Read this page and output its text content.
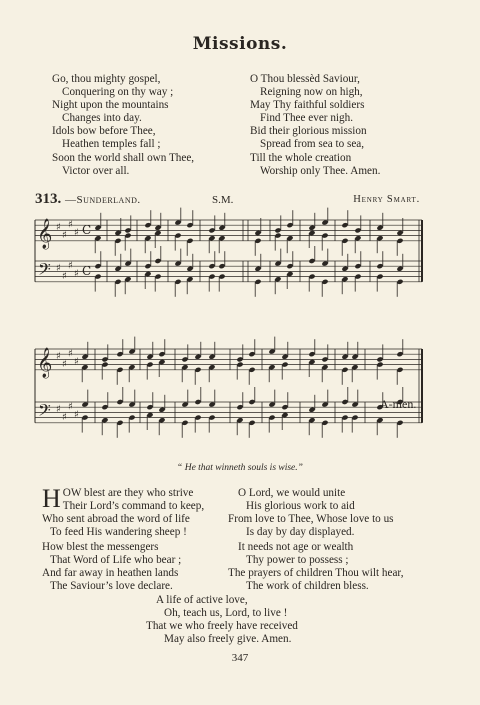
Missions.
Go, thou mighty gospel,
Conquering on thy way ;
Night upon the mountains
Changes into day.
Idols bow before Thee,
Heathen temples fall ;
Soon the world shall own Thee,
Victor over all.
O Thou blessèd Saviour,
Reigning now on high,
May Thy faithful soldiers
Find Thee ever nigh.
Bid their glorious mission
Spread from sea to sea,
Till the whole creation
Worship only Thee. Amen.
313. —Sunderland.	S.M.	Henry Smart.
𝄞
𝄞
𝄢
𝄢
♯
♯
♯
♯
♯
♯
♯
♯
♯
♯
♯
♯
♯
♯
♯
♯
C
C
A-men.
“ He that winneth souls is wise.”
HOW blest are they who strive
Their Lord’s command to keep,
Who sent abroad the word of life
To feed His wandering sheep !
How blest the messengers
That Word of Life who bear ;
And far away in heathen lands
The Saviour’s love declare.
O Lord, we would unite
His glorious work to aid
From love to Thee, Whose love to us
Is day by day displayed.
It needs not age or wealth
Thy power to possess ;
The prayers of children Thou wilt hear,
The work of children bless.
A life of active love,
Oh, teach us, Lord, to live !
That we who freely have received
May also freely give. Amen.
347
